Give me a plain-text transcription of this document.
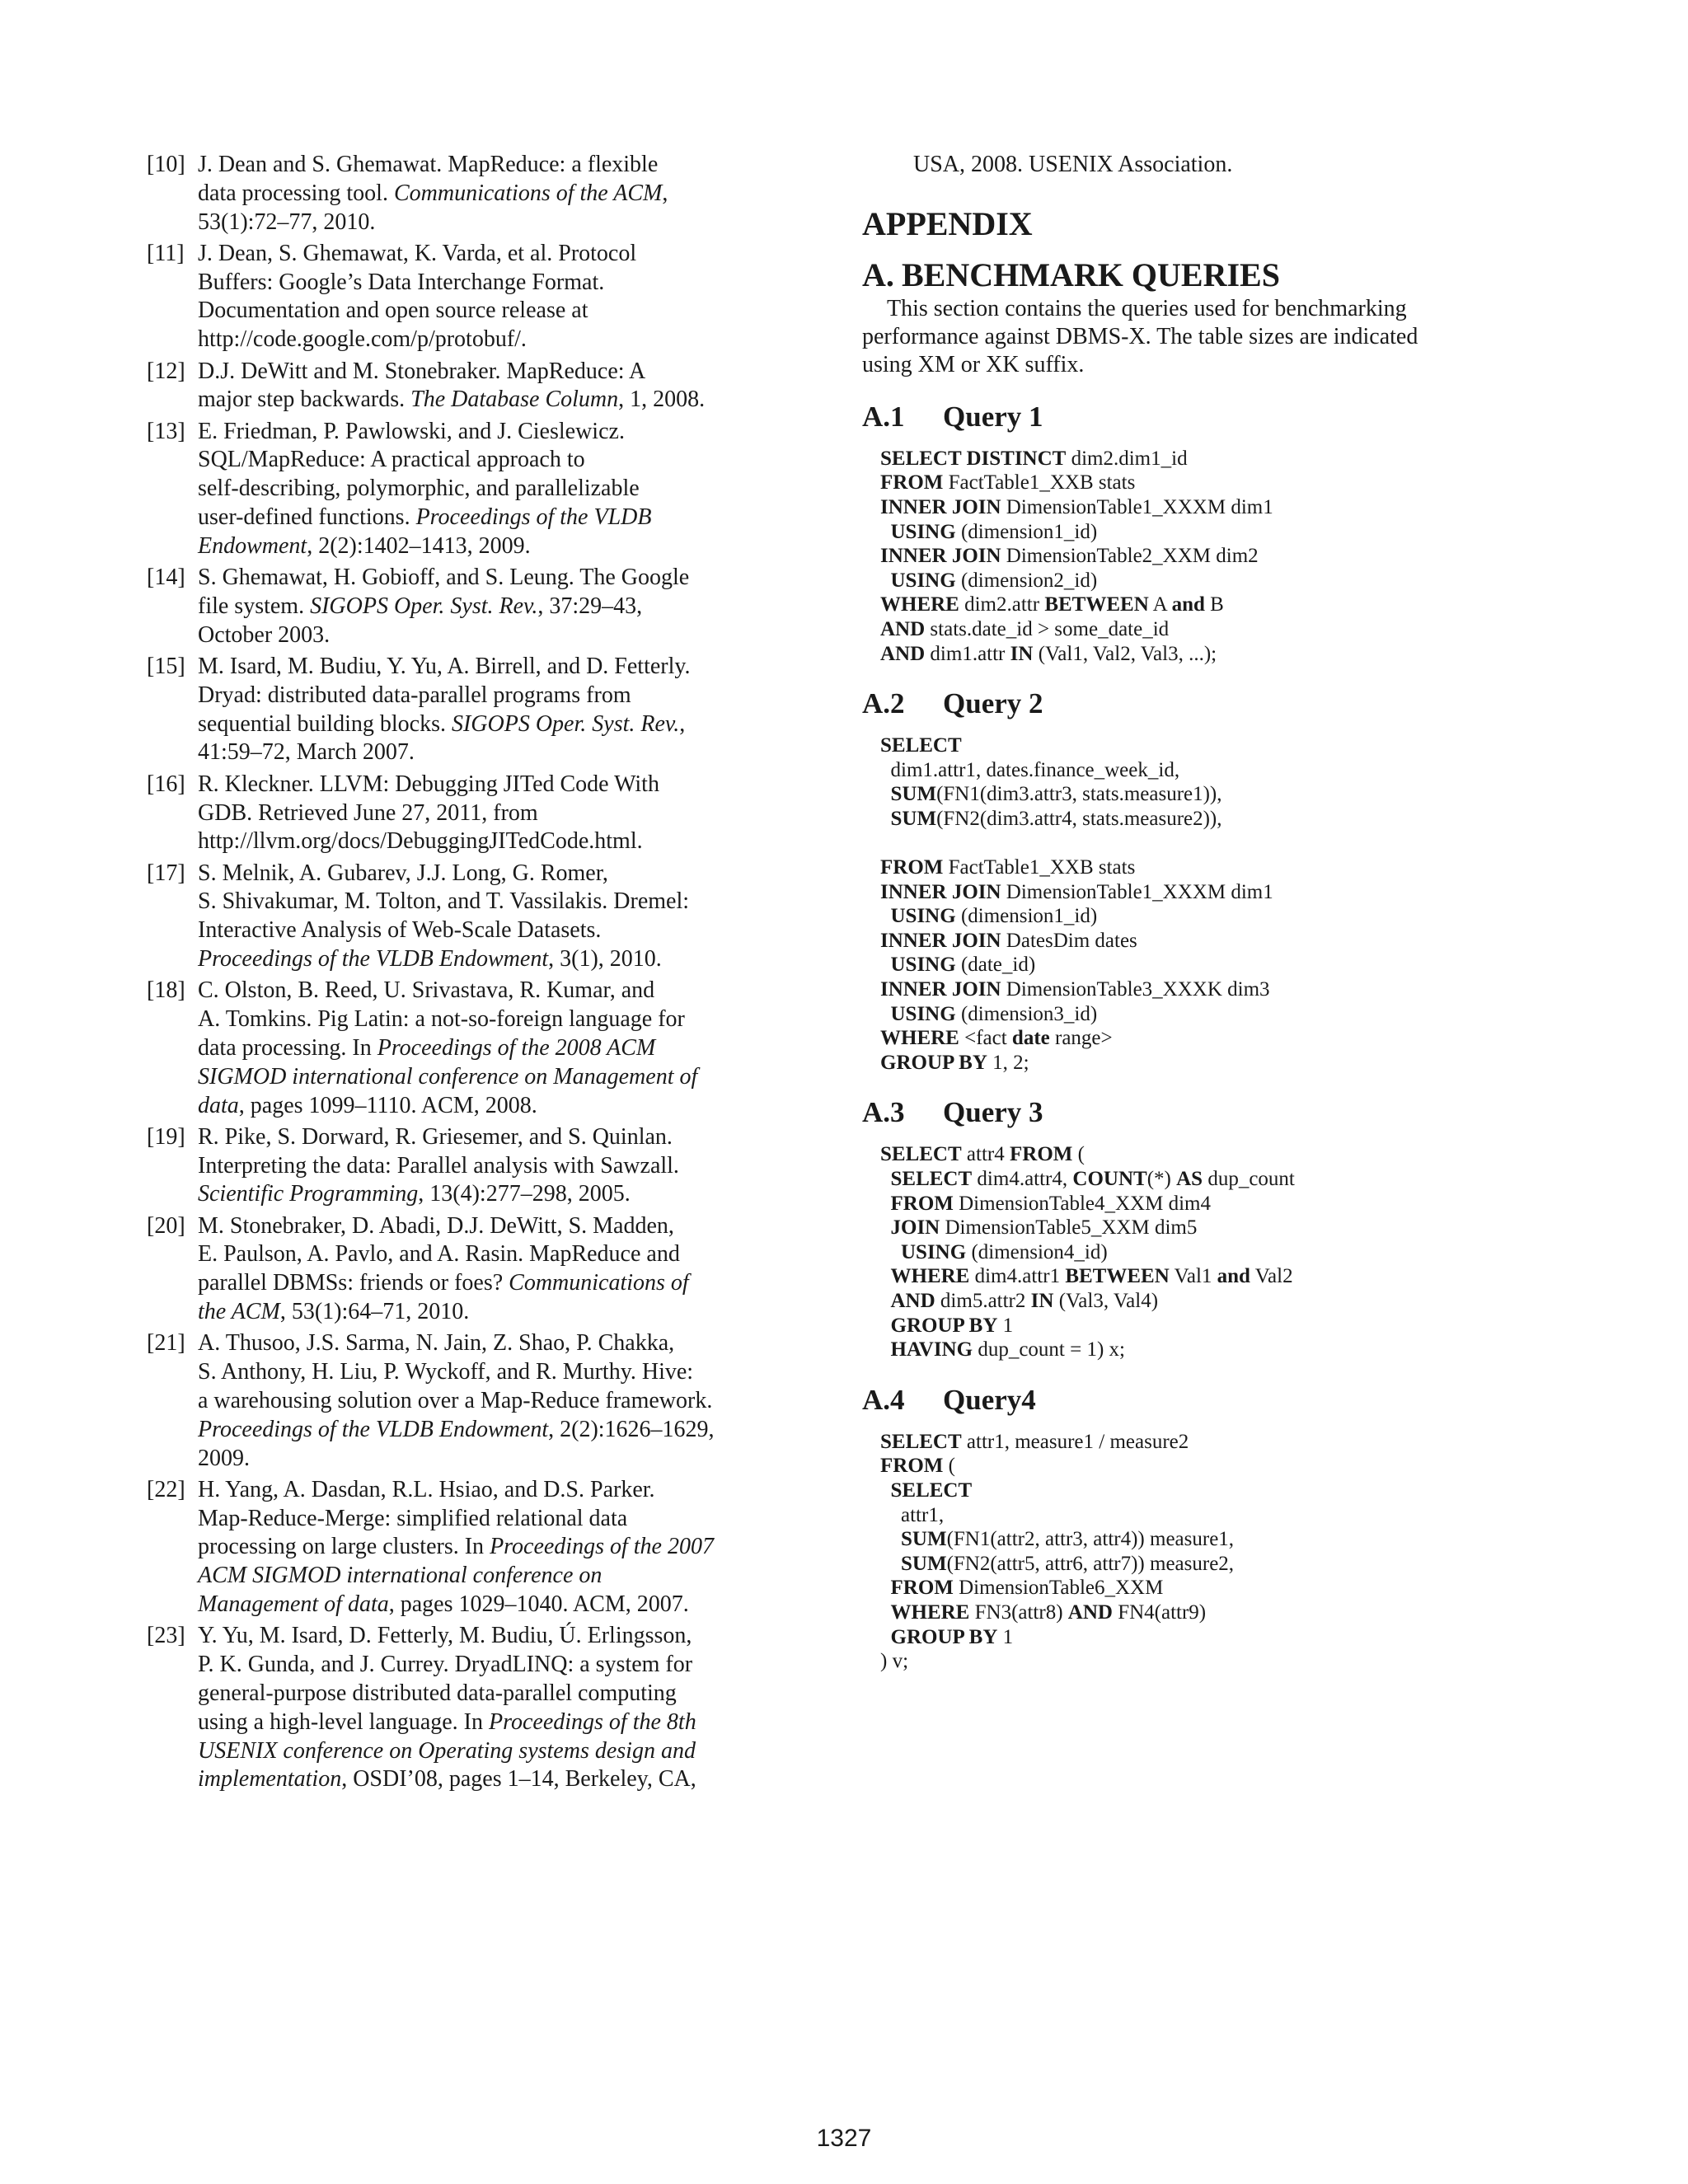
[10] J. Dean and S. Ghemawat. MapReduce: a flexible
data processing tool. Communications of the ACM,
53(1):72–77, 2010.
[11] J. Dean, S. Ghemawat, K. Varda, et al. Protocol
Buffers: Google’s Data Interchange Format.
Documentation and open source release at
http://code.google.com/p/protobuf/.
[12] D.J. DeWitt and M. Stonebraker. MapReduce: A
major step backwards. The Database Column, 1, 2008.
[13] E. Friedman, P. Pawlowski, and J. Cieslewicz.
SQL/MapReduce: A practical approach to
self-describing, polymorphic, and parallelizable
user-defined functions. Proceedings of the VLDB
Endowment, 2(2):1402–1413, 2009.
[14] S. Ghemawat, H. Gobioff, and S. Leung. The Google
file system. SIGOPS Oper. Syst. Rev., 37:29–43,
October 2003.
[15] M. Isard, M. Budiu, Y. Yu, A. Birrell, and D. Fetterly.
Dryad: distributed data-parallel programs from
sequential building blocks. SIGOPS Oper. Syst. Rev.,
41:59–72, March 2007.
[16] R. Kleckner. LLVM: Debugging JITed Code With
GDB. Retrieved June 27, 2011, from
http://llvm.org/docs/DebuggingJITedCode.html.
[17] S. Melnik, A. Gubarev, J.J. Long, G. Romer,
S. Shivakumar, M. Tolton, and T. Vassilakis. Dremel:
Interactive Analysis of Web-Scale Datasets.
Proceedings of the VLDB Endowment, 3(1), 2010.
[18] C. Olston, B. Reed, U. Srivastava, R. Kumar, and
A. Tomkins. Pig Latin: a not-so-foreign language for
data processing. In Proceedings of the 2008 ACM
SIGMOD international conference on Management of
data, pages 1099–1110. ACM, 2008.
[19] R. Pike, S. Dorward, R. Griesemer, and S. Quinlan.
Interpreting the data: Parallel analysis with Sawzall.
Scientific Programming, 13(4):277–298, 2005.
[20] M. Stonebraker, D. Abadi, D.J. DeWitt, S. Madden,
E. Paulson, A. Pavlo, and A. Rasin. MapReduce and
parallel DBMSs: friends or foes? Communications of
the ACM, 53(1):64–71, 2010.
[21] A. Thusoo, J.S. Sarma, N. Jain, Z. Shao, P. Chakka,
S. Anthony, H. Liu, P. Wyckoff, and R. Murthy. Hive:
a warehousing solution over a Map-Reduce framework.
Proceedings of the VLDB Endowment, 2(2):1626–1629,
2009.
[22] H. Yang, A. Dasdan, R.L. Hsiao, and D.S. Parker.
Map-Reduce-Merge: simplified relational data
processing on large clusters. In Proceedings of the 2007
ACM SIGMOD international conference on
Management of data, pages 1029–1040. ACM, 2007.
[23] Y. Yu, M. Isard, D. Fetterly, M. Budiu, Ú. Erlingsson,
P. K. Gunda, and J. Currey. DryadLINQ: a system for
general-purpose distributed data-parallel computing
using a high-level language. In Proceedings of the 8th
USENIX conference on Operating systems design and
implementation, OSDI’08, pages 1–14, Berkeley, CA,
USA, 2008. USENIX Association.
APPENDIX
A. BENCHMARK QUERIES
This section contains the queries used for benchmarking
performance against DBMS-X. The table sizes are indicated
using XM or XK suffix.
A.1 Query 1
SELECT DISTINCT dim2.dim1_id
FROM FactTable1_XXB stats
INNER JOIN DimensionTable1_XXXM dim1
USING (dimension1_id)
INNER JOIN DimensionTable2_XXM dim2
USING (dimension2_id)
WHERE dim2.attr BETWEEN A and B
AND stats.date_id > some_date_id
AND dim1.attr IN (Val1, Val2, Val3, ...);
A.2 Query 2
SELECT
dim1.attr1, dates.finance_week_id,
SUM(FN1(dim3.attr3, stats.measure1)),
SUM(FN2(dim3.attr4, stats.measure2)),
FROM FactTable1_XXB stats
INNER JOIN DimensionTable1_XXXM dim1
USING (dimension1_id)
INNER JOIN DatesDim dates
USING (date_id)
INNER JOIN DimensionTable3_XXXK dim3
USING (dimension3_id)
WHERE <fact date range>
GROUP BY 1, 2;
A.3 Query 3
SELECT attr4 FROM (
SELECT dim4.attr4, COUNT(*) AS dup_count
FROM DimensionTable4_XXM dim4
JOIN DimensionTable5_XXM dim5
USING (dimension4_id)
WHERE dim4.attr1 BETWEEN Val1 and Val2
AND dim5.attr2 IN (Val3, Val4)
GROUP BY 1
HAVING dup_count = 1) x;
A.4 Query4
SELECT attr1, measure1 / measure2
FROM (
SELECT
attr1,
SUM(FN1(attr2, attr3, attr4)) measure1,
SUM(FN2(attr5, attr6, attr7)) measure2,
FROM DimensionTable6_XXM
WHERE FN3(attr8) AND FN4(attr9)
GROUP BY 1
) v;
1327
